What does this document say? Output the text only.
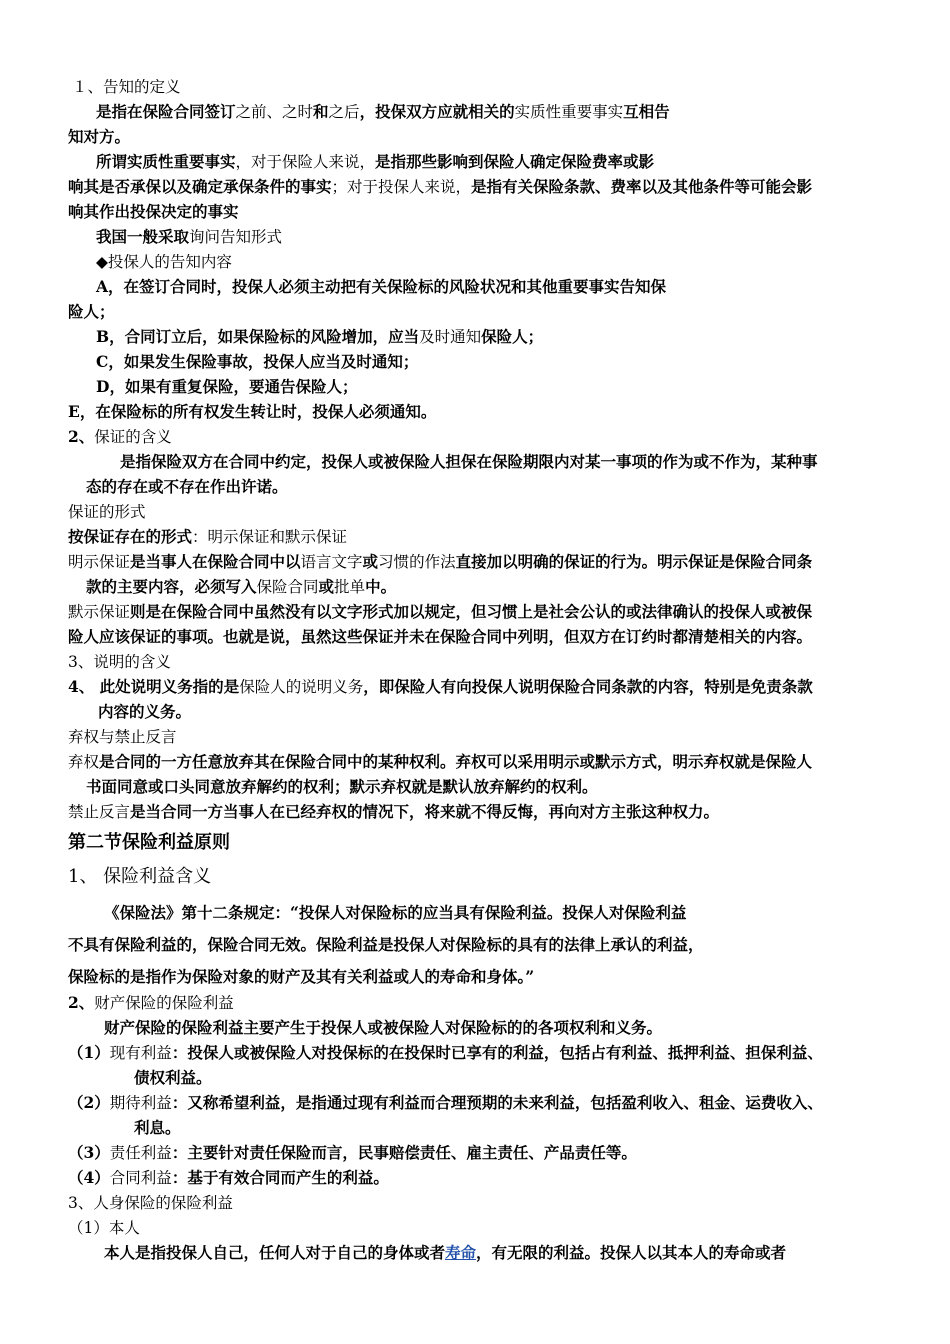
１、告知的定义
是指在保险合同签订之前、之时和之后，投保双方应就相关的实质性重要事实互相告
知对方。
所谓实质性重要事实，对于保险人来说，是指那些影响到保险人确定保险费率或影
响其是否承保以及确定承保条件的事实；对于投保人来说，是指有关保险条款、费率以及其他条件等可能会影
响其作出投保决定的事实
我国一般采取询问告知形式
◆投保人的告知内容
A，在签订合同时，投保人必须主动把有关保险标的风险状况和其他重要事实告知保
险人；
B，合同订立后，如果保险标的风险增加，应当及时通知保险人；
C，如果发生保险事故，投保人应当及时通知；
D，如果有重复保险，要通告保险人；
E，在保险标的所有权发生转让时，投保人必须通知。
2、保证的含义
是指保险双方在合同中约定，投保人或被保险人担保在保险期限内对某一事项的作为或不作为，某种事
态的存在或不存在作出许诺。
保证的形式
按保证存在的形式：明示保证和默示保证
明示保证是当事人在保险合同中以语言文字或习惯的作法直接加以明确的保证的行为。明示保证是保险合同条
款的主要内容，必须写入保险合同或批单中。
默示保证则是在保险合同中虽然没有以文字形式加以规定，但习惯上是社会公认的或法律确认的投保人或被保
险人应该保证的事项。也就是说，虽然这些保证并未在保险合同中列明，但双方在订约时都清楚相关的内容。
3、说明的含义
4、 此处说明义务指的是保险人的说明义务，即保险人有向投保人说明保险合同条款的内容，特别是免责条款
内容的义务。
弃权与禁止反言
弃权是合同的一方任意放弃其在保险合同中的某种权利。弃权可以采用明示或默示方式，明示弃权就是保险人
书面同意或口头同意放弃解约的权利；默示弃权就是默认放弃解约的权利。
禁止反言是当合同一方当事人在已经弃权的情况下，将来就不得反悔，再向对方主张这种权力。
第二节保险利益原则
1、 保险利益含义
《保险法》第十二条规定：“投保人对保险标的应当具有保险利益。投保人对保险利益
不具有保险利益的，保险合同无效。保险利益是投保人对保险标的具有的法律上承认的利益，
保险标的是指作为保险对象的财产及其有关利益或人的寿命和身体。”
2、财产保险的保险利益
财产保险的保险利益主要产生于投保人或被保险人对保险标的的各项权利和义务。
（1）现有利益：投保人或被保险人对投保标的在投保时已享有的利益，包括占有利益、抵押利益、担保利益、
债权利益。
（2）期待利益：又称希望利益，是指通过现有利益而合理预期的未来利益，包括盈利收入、租金、运费收入、
利息。
（3）责任利益：主要针对责任保险而言，民事赔偿责任、雇主责任、产品责任等。
（4）合同利益：基于有效合同而产生的利益。
3、人身保险的保险利益
（1）本人
本人是指投保人自己，任何人对于自己的身体或者寿命，有无限的利益。投保人以其本人的寿命或者
